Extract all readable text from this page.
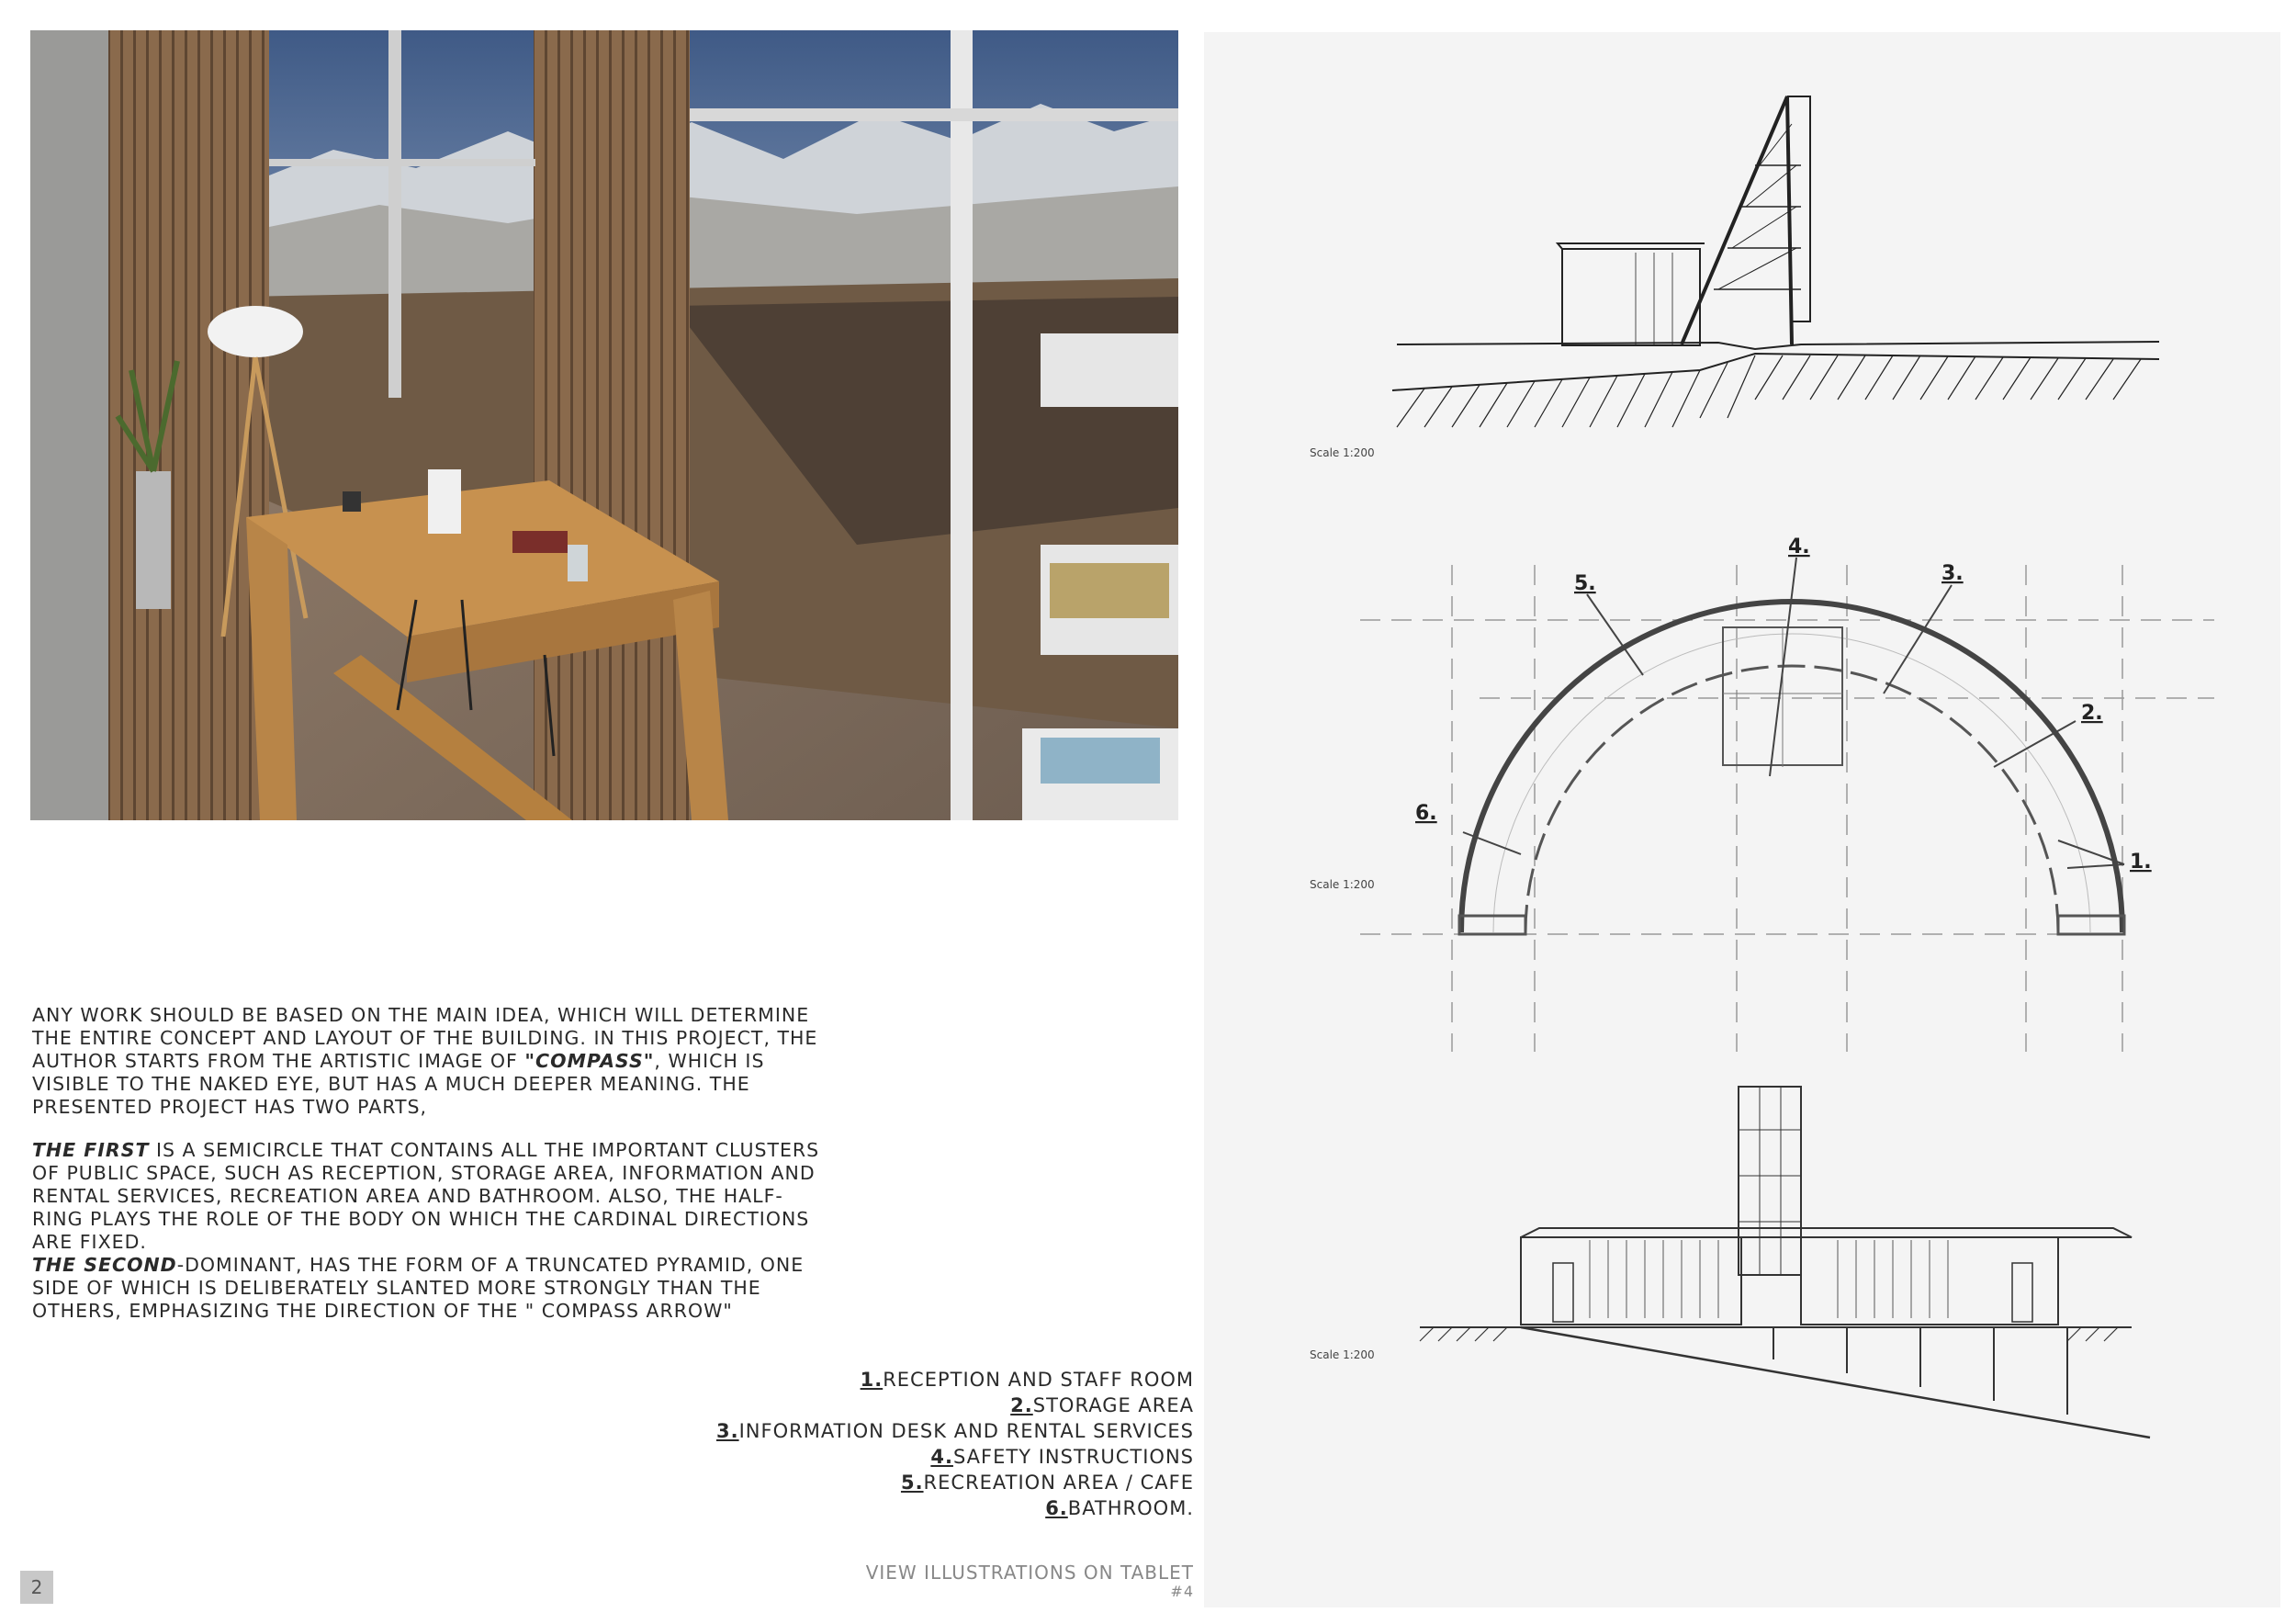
ANY WORK SHOULD BE BASED ON THE MAIN IDEA, WHICH WILL DETERMINE THE ENTIRE CONCEPT AND LAYOUT OF THE BUILDING. IN THIS PROJECT, THE AUTHOR STARTS FROM THE ARTISTIC IMAGE OF "COMPASS", WHICH IS VISIBLE TO THE NAKED EYE, BUT HAS A MUCH DEEPER MEANING. THE PRESENTED PROJECT HAS TWO PARTS,

THE FIRST IS A SEMICIRCLE THAT CONTAINS ALL THE IMPORTANT CLUSTERS OF PUBLIC SPACE, SUCH AS RECEPTION, STORAGE AREA, INFORMATION AND RENTAL SERVICES, RECREATION AREA AND BATHROOM. ALSO, THE HALF-RING PLAYS THE ROLE OF THE BODY ON WHICH THE CARDINAL DIRECTIONS ARE FIXED.
THE SECOND-DOMINANT, HAS THE FORM OF A TRUNCATED PYRAMID, ONE SIDE OF WHICH IS DELIBERATELY SLANTED MORE STRONGLY THAN THE OTHERS, EMPHASIZING THE DIRECTION OF THE " COMPASS ARROW"

1.RECEPTION AND STAFF ROOM
2.STORAGE AREA
3.INFORMATION DESK AND RENTAL SERVICES
4.SAFETY INSTRUCTIONS
5.RECREATION AREA / CAFE
6.BATHROOM.
VIEW ILLUSTRATIONS ON TABLET
#4
2
Scale 1:200
5.
4.
3.
2.
1.
6.
Scale 1:200
Scale 1:200
